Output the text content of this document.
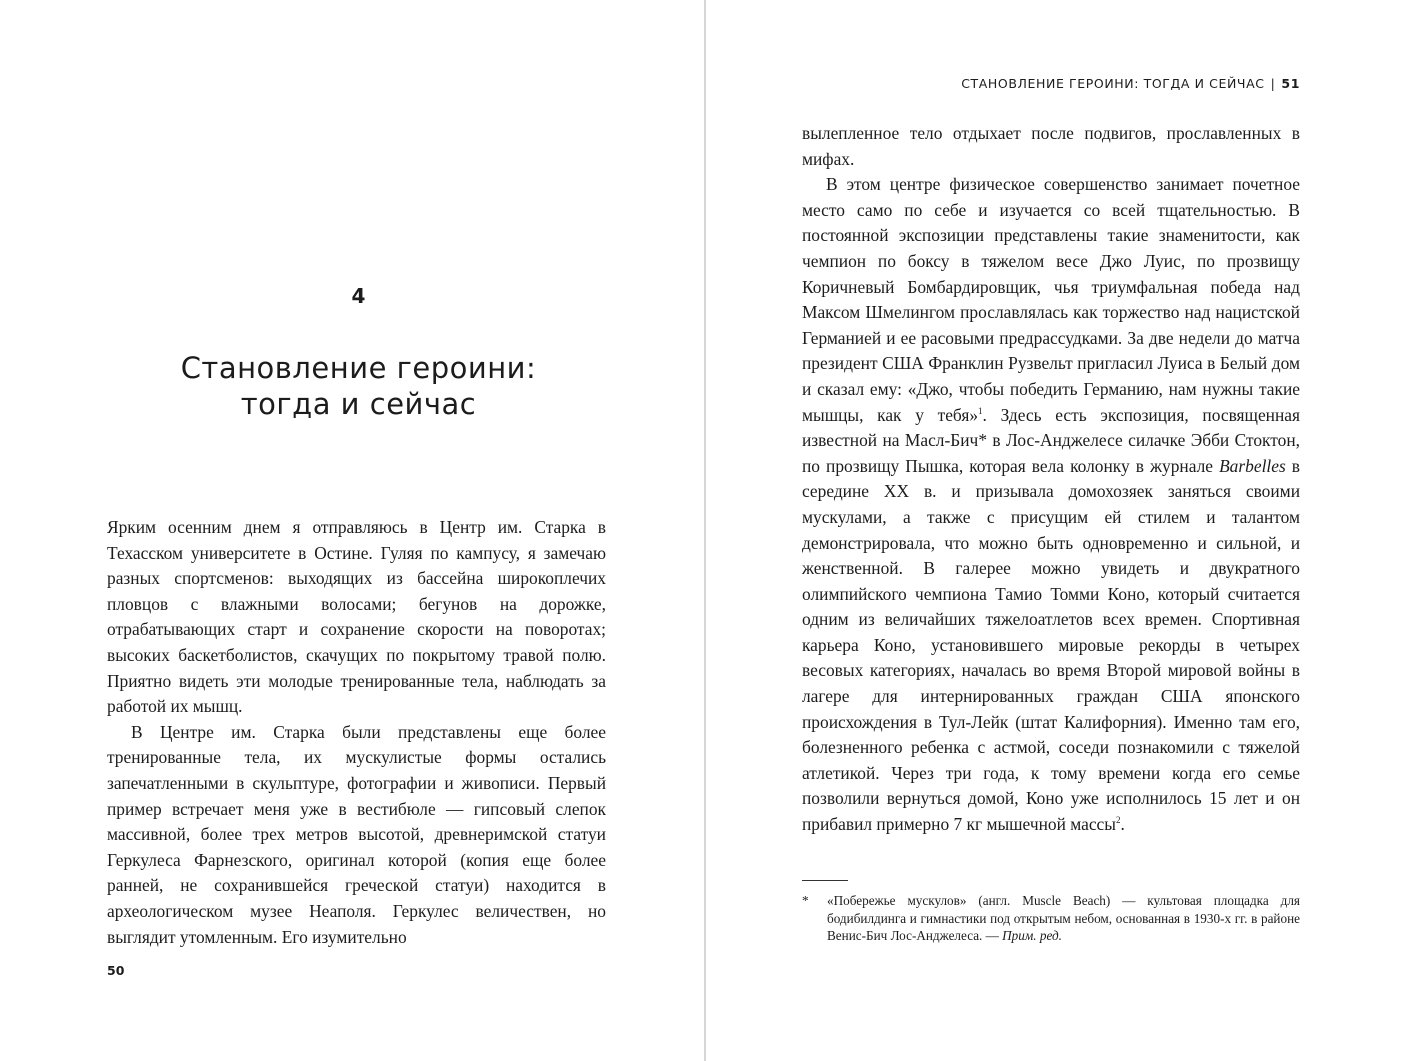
4
Становление героини:
тогда и сейчас

Ярким осенним днем я отправляюсь в Центр им. Старка в Техасском университете в Остине. Гуляя по кампусу, я замечаю разных спортсменов: выходящих из бассейна широкоплечих пловцов с влажными волосами; бегунов на дорожке, отрабатывающих старт и сохранение скорости на поворотах; высоких баскетболистов, скачущих по покрытому травой полю. Приятно видеть эти молодые тренированные тела, наблюдать за работой их мышц.

В Центре им. Старка были представлены еще более тренированные тела, их мускулистые формы остались запечатленными в скульптуре, фотографии и живописи. Первый пример встречает меня уже в вестибюле — гипсовый слепок массивной, более трех метров высотой, древнеримской статуи Геркулеса Фарнезского, оригинал которой (копия еще более ранней, не сохранившейся греческой статуи) находится в археологическом музее Неаполя. Геркулес величествен, но выглядит утомленным. Его изумительно

50
СТАНОВЛЕНИЕ ГЕРОИНИ: ТОГДА И СЕЙЧАС | 51

вылепленное тело отдыхает после подвигов, прославленных в мифах.

В этом центре физическое совершенство занимает почетное место само по себе и изучается со всей тщательностью. В постоянной экспозиции представлены такие знаменитости, как чемпион по боксу в тяжелом весе Джо Луис, по прозвищу Коричневый Бомбардировщик, чья триумфальная победа над Максом Шмелингом прославлялась как торжество над нацистской Германией и ее расовыми предрассудками. За две недели до матча президент США Франклин Рузвельт пригласил Луиса в Белый дом и сказал ему: «Джо, чтобы победить Германию, нам нужны такие мышцы, как у тебя»$^1$. Здесь есть экспозиция, посвященная известной на Масл-Бич* в Лос-Анджелесе силачке Эбби Стоктон, по прозвищу Пышка, которая вела колонку в журнале Barbelles в середине XX в. и призывала домохозяек заняться своими мускулами, а также с присущим ей стилем и талантом демонстрировала, что можно быть одновременно и сильной, и женственной. В галерее можно увидеть и двукратного олимпийского чемпиона Тамио Томми Коно, который считается одним из величайших тяжелоатлетов всех времен. Спортивная карьера Коно, установившего мировые рекорды в четырех весовых категориях, началась во время Второй мировой войны в лагере для интернированных граждан США японского происхождения в Тул-Лейк (штат Калифорния). Именно там его, болезненного ребенка с астмой, соседи познакомили с тяжелой атлетикой. Через три года, к тому времени когда его семье позволили вернуться домой, Коно уже исполнилось 15 лет и он прибавил примерно 7 кг мышечной массы$^2$.

* «Побережье мускулов» (англ. Muscle Beach) — культовая площадка для бодибилдинга и гимнастики под открытым небом, основанная в 1930-х гг. в районе Венис-Бич Лос-Анджелеса. — Прим. ред.
